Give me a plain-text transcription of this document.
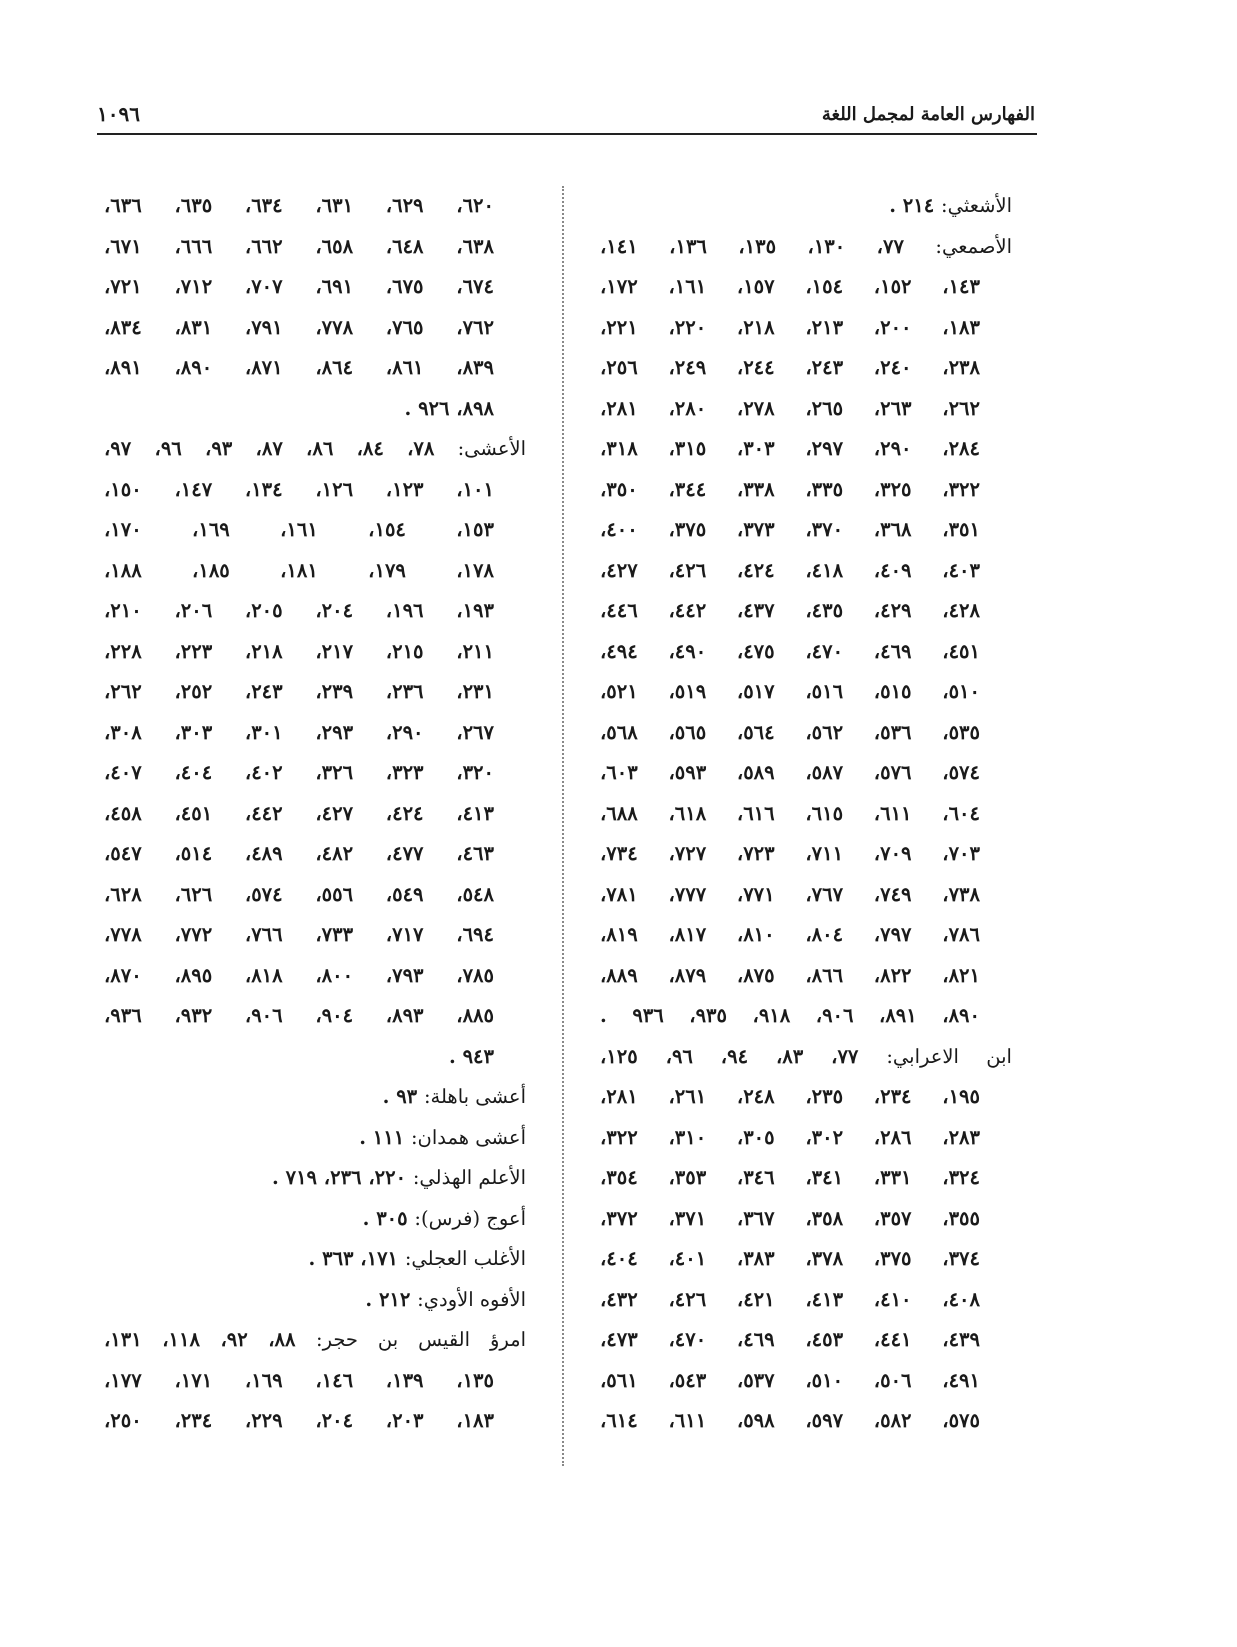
الفهارس العامة لمجمل اللغة
١٠٩٦
الأشعثي: ٢١٤ .
الأصمعي: ٧٧، ١٣٠، ١٣٥، ١٣٦، ١٤١،
١٤٣، ١٥٢، ١٥٤، ١٥٧، ١٦١، ١٧٢،
١٨٣، ٢٠٠، ٢١٣، ٢١٨، ٢٢٠، ٢٢١،
٢٣٨، ٢٤٠، ٢٤٣، ٢٤٤، ٢٤٩، ٢٥٦،
٢٦٢، ٢٦٣، ٢٦٥، ٢٧٨، ٢٨٠، ٢٨١،
٢٨٤، ٢٩٠، ٢٩٧، ٣٠٣، ٣١٥، ٣١٨،
٣٢٢، ٣٢٥، ٣٣٥، ٣٣٨، ٣٤٤، ٣٥٠،
٣٥١، ٣٦٨، ٣٧٠، ٣٧٣، ٣٧٥، ٤٠٠،
٤٠٣، ٤٠٩، ٤١٨، ٤٢٤، ٤٢٦، ٤٢٧،
٤٢٨، ٤٢٩، ٤٣٥، ٤٣٧، ٤٤٢، ٤٤٦،
٤٥١، ٤٦٩، ٤٧٠، ٤٧٥، ٤٩٠، ٤٩٤،
٥١٠، ٥١٥، ٥١٦، ٥١٧، ٥١٩، ٥٢١،
٥٣٥، ٥٣٦، ٥٦٢، ٥٦٤، ٥٦٥، ٥٦٨،
٥٧٤، ٥٧٦، ٥٨٧، ٥٨٩، ٥٩٣، ٦٠٣،
٦٠٤، ٦١١، ٦١٥، ٦١٦، ٦١٨، ٦٨٨،
٧٠٣، ٧٠٩، ٧١١، ٧٢٣، ٧٢٧، ٧٣٤،
٧٣٨، ٧٤٩، ٧٦٧، ٧٧١، ٧٧٧، ٧٨١،
٧٨٦، ٧٩٧، ٨٠٤، ٨١٠، ٨١٧، ٨١٩،
٨٢١، ٨٢٢، ٨٦٦، ٨٧٥، ٨٧٩، ٨٨٩،
٨٩٠، ٨٩١، ٩٠٦، ٩١٨، ٩٣٥، ٩٣٦ .
ابن الاعرابي: ٧٧، ٨٣، ٩٤، ٩٦، ١٢٥،
١٩٥، ٢٣٤، ٢٣٥، ٢٤٨، ٢٦١، ٢٨١،
٢٨٣، ٢٨٦، ٣٠٢، ٣٠٥، ٣١٠، ٣٢٢،
٣٢٤، ٣٣١، ٣٤١، ٣٤٦، ٣٥٣، ٣٥٤،
٣٥٥، ٣٥٧، ٣٥٨، ٣٦٧، ٣٧١، ٣٧٢،
٣٧٤، ٣٧٥، ٣٧٨، ٣٨٣، ٤٠١، ٤٠٤،
٤٠٨، ٤١٠، ٤١٣، ٤٢١، ٤٢٦، ٤٣٢،
٤٣٩، ٤٤١، ٤٥٣، ٤٦٩، ٤٧٠، ٤٧٣،
٤٩١، ٥٠٦، ٥١٠، ٥٣٧، ٥٤٣، ٥٦١،
٥٧٥، ٥٨٢، ٥٩٧، ٥٩٨، ٦١١، ٦١٤،
٦٢٠، ٦٢٩، ٦٣١، ٦٣٤، ٦٣٥، ٦٣٦،
٦٣٨، ٦٤٨، ٦٥٨، ٦٦٢، ٦٦٦، ٦٧١،
٦٧٤، ٦٧٥، ٦٩١، ٧٠٧، ٧١٢، ٧٢١،
٧٦٢، ٧٦٥، ٧٧٨، ٧٩١، ٨٣١، ٨٣٤،
٨٣٩، ٨٦١، ٨٦٤، ٨٧١، ٨٩٠، ٨٩١،
٨٩٨، ٩٢٦ .
الأعشى: ٧٨، ٨٤، ٨٦، ٨٧، ٩٣، ٩٦، ٩٧،
١٠١، ١٢٣، ١٢٦، ١٣٤، ١٤٧، ١٥٠،
١٥٣، ١٥٤، ١٦١، ١٦٩، ١٧٠،
١٧٨، ١٧٩، ١٨١، ١٨٥، ١٨٨،
١٩٣، ١٩٦، ٢٠٤، ٢٠٥، ٢٠٦، ٢١٠،
٢١١، ٢١٥، ٢١٧، ٢١٨، ٢٢٣، ٢٢٨،
٢٣١، ٢٣٦، ٢٣٩، ٢٤٣، ٢٥٢، ٢٦٢،
٢٦٧، ٢٩٠، ٢٩٣، ٣٠١، ٣٠٣، ٣٠٨،
٣٢٠، ٣٢٣، ٣٢٦، ٤٠٢، ٤٠٤، ٤٠٧،
٤١٣، ٤٢٤، ٤٢٧، ٤٤٢، ٤٥١، ٤٥٨،
٤٦٣، ٤٧٧، ٤٨٢، ٤٨٩، ٥١٤، ٥٤٧،
٥٤٨، ٥٤٩، ٥٥٦، ٥٧٤، ٦٢٦، ٦٢٨،
٦٩٤، ٧١٧، ٧٣٣، ٧٦٦، ٧٧٢، ٧٧٨،
٧٨٥، ٧٩٣، ٨٠٠، ٨١٨، ٨٩٥، ٨٧٠،
٨٨٥، ٨٩٣، ٩٠٤، ٩٠٦، ٩٣٢، ٩٣٦،
٩٤٣ .
أعشى باهلة: ٩٣ .
أعشى همدان: ١١١ .
الأعلم الهذلي: ٢٢٠، ٢٣٦، ٧١٩ .
أعوج (فرس): ٣٠٥ .
الأغلب العجلي: ١٧١، ٣٦٣ .
الأفوه الأودي: ٢١٢ .
امرؤ القيس بن حجر: ٨٨، ٩٢، ١١٨، ١٣١،
١٣٥، ١٣٩، ١٤٦، ١٦٩، ١٧١، ١٧٧،
١٨٣، ٢٠٣، ٢٠٤، ٢٢٩، ٢٣٤، ٢٥٠،
